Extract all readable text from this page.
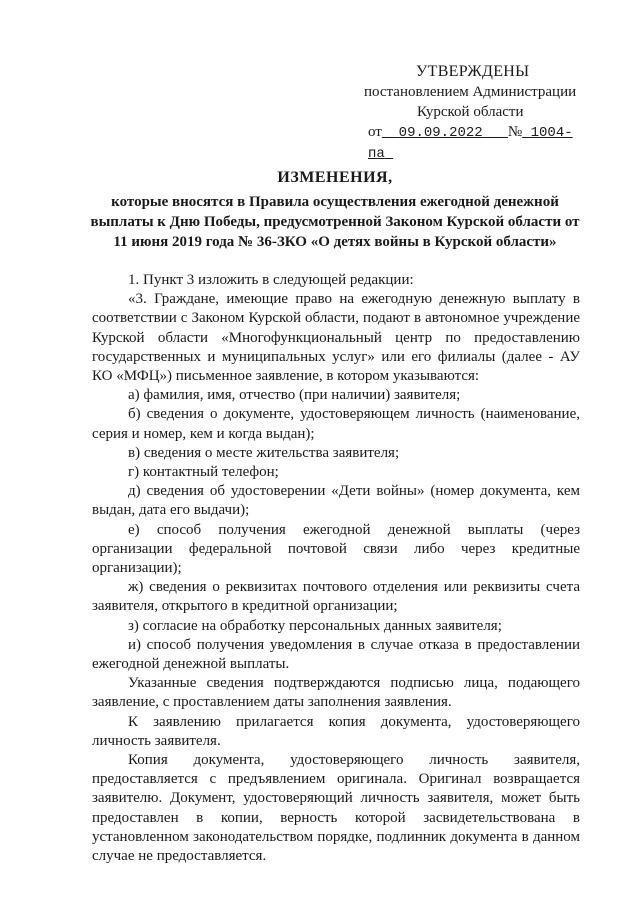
УТВЕРЖДЕНЫ
постановлением Администрации
Курской области
от 09.09.2022 № 1004-па
ИЗМЕНЕНИЯ,
которые вносятся в Правила осуществления ежегодной денежной выплаты к Дню Победы, предусмотренной Законом Курской области от 11 июня 2019 года № 36-ЗКО «О детях войны в Курской области»

1. Пункт 3 изложить в следующей редакции:

«3. Граждане, имеющие право на ежегодную денежную выплату в соответствии с Законом Курской области, подают в автономное учреждение Курской области «Многофункциональный центр по предоставлению государственных и муниципальных услуг» или его филиалы (далее - АУ КО «МФЦ») письменное заявление, в котором указываются:

а) фамилия, имя, отчество (при наличии) заявителя;

б) сведения о документе, удостоверяющем личность (наименование, серия и номер, кем и когда выдан);

в) сведения о месте жительства заявителя;

г) контактный телефон;

д) сведения об удостоверении «Дети войны» (номер документа, кем выдан, дата его выдачи);

е) способ получения ежегодной денежной выплаты (через организации федеральной почтовой связи либо через кредитные организации);

ж) сведения о реквизитах почтового отделения или реквизиты счета заявителя, открытого в кредитной организации;

з) согласие на обработку персональных данных заявителя;

и) способ получения уведомления в случае отказа в предоставлении ежегодной денежной выплаты.

Указанные сведения подтверждаются подписью лица, подающего заявление, с проставлением даты заполнения заявления.

К заявлению прилагается копия документа, удостоверяющего личность заявителя.

Копия документа, удостоверяющего личность заявителя, предоставляется с предъявлением оригинала. Оригинал возвращается заявителю. Документ, удостоверяющий личность заявителя, может быть предоставлен в копии, верность которой засвидетельствована в установленном законодательством порядке, подлинник документа в данном случае не предоставляется.
